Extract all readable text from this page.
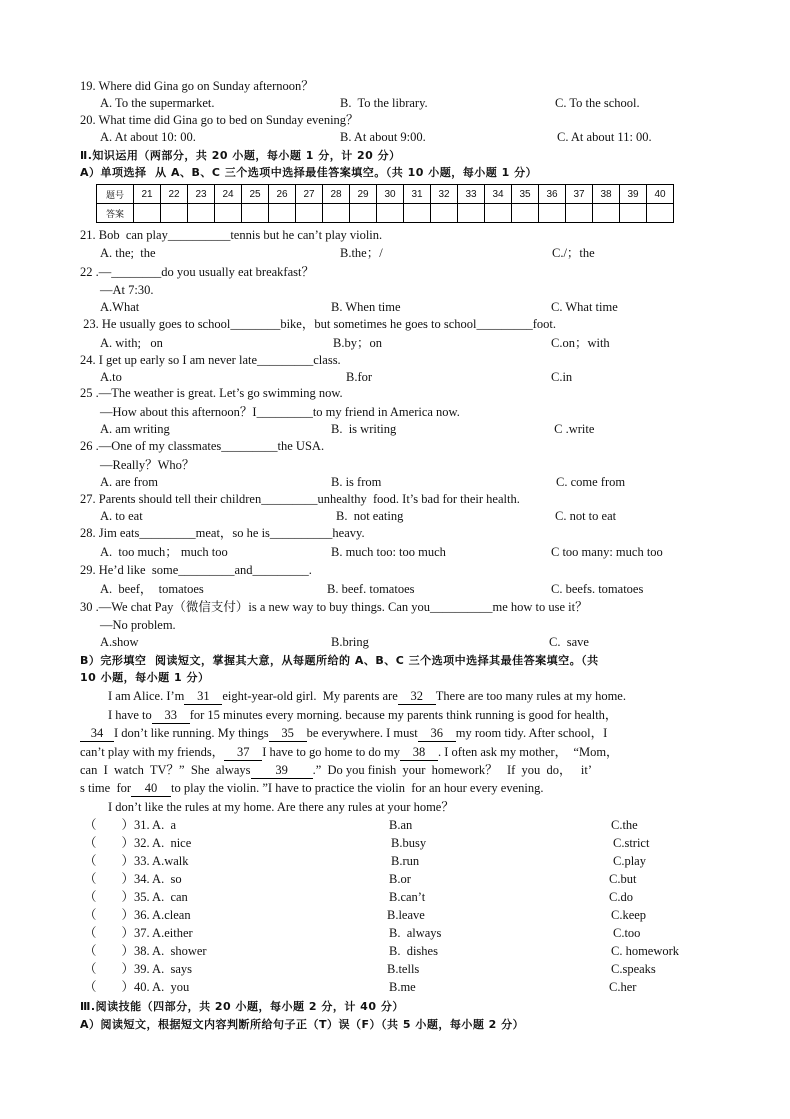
19. Where did Gina go on Sunday afternoon？
A. To the supermarket.	B.  To the library.	C. To the school.
20. What time did Gina go to bed on Sunday evening？
A. At about 10: 00.	B. At about 9:00.	C. At about 11: 00.
Ⅱ.知识运用（两部分，共 20 小题，每小题 1 分，计 20 分）
A）单项选择  从 A、B、C 三个选项中选择最佳答案填空。（共 10 小题，每小题 1 分）
题号	21	22	23	24	25	26	27	28	29	30	31	32	33	34	35	36	37	38	39	40
答案																				
21. Bob  can play__________tennis but he can’t play violin.
A. the;  the	B.the；/	C./；the
22 .—________do you usually eat breakfast？
—At 7:30.
A.What	B. When time	C. What time
23. He usually goes to school________bike，but sometimes he goes to school_________foot.
A. with;   on	B.by；on	C.on；with
24. I get up early so I am never late_________class.
A.to	B.for	C.in
25 .—The weather is great. Let’s go swimming now.
—How about this afternoon？I_________to my friend in America now.
A. am writing	B.  is writing	C .write
26 .—One of my classmates_________the USA.
—Really？Who？
A. are from	B. is from	C. come from
27. Parents should tell their children_________unhealthy  food. It’s bad for their health.
A. to eat	B.  not eating	C. not to eat
28. Jim eats_________meat，so he is__________heavy.
A.  too much； much too	B. much too: too much	C too many: much too
29. He’d like  some_________and_________.
A.  beef，  tomatoes	B. beef. tomatoes	C. beefs. tomatoes
30 .—We chat Pay（微信支付）is a new way to buy things. Can you__________me how to use it？
—No problem.
A.show	B.bring	C.  save
B）完形填空  阅读短文，掌握其大意，从每题所给的 A、B、C 三个选项中选择其最佳答案填空。（共
10 小题，每小题 1 分）
I am Alice. I’m 31 eight-year-old girl.  My parents are 32 There are too many rules at my home.
I have to 33 for 15 minutes every morning. because my parents think running is good for health，
34 I don’t like running. My things 35 be everywhere. I must 36 my room tidy. After school，I
can’t play with my friends， 37 I have to go home to do my 38 . I often ask my mother，  “Mom，
can  I  watch  TV？”  She  always 39 .”  Do you finish  your  homework？   If  you  do，   it’
s time  for 40 to play the violin. ”I have to practice the violin  for an hour every evening.
I don’t like the rules at my home. Are there any rules at your home？
（        ） 31. A.  a	B.an	C.the
（        ） 32. A.  nice	B.busy	C.strict
（        ） 33. A.walk	B.run	C.play
（        ） 34. A.  so	B.or	C.but
（        ） 35. A.  can	B.can’t	C.do
（        ） 36. A.clean	B.leave	C.keep
（        ） 37. A.either	B.  always	C.too
（        ） 38. A.  shower	B.  dishes	C. homework
（        ） 39. A.  says	B.tells	C.speaks
（        ） 40. A.  you	B.me	C.her
Ⅲ.阅读技能（四部分，共 20 小题，每小题 2 分，计 40 分）
A）阅读短文，根据短文内容判断所给句子正（T）误（F）（共 5 小题，每小题 2 分）
